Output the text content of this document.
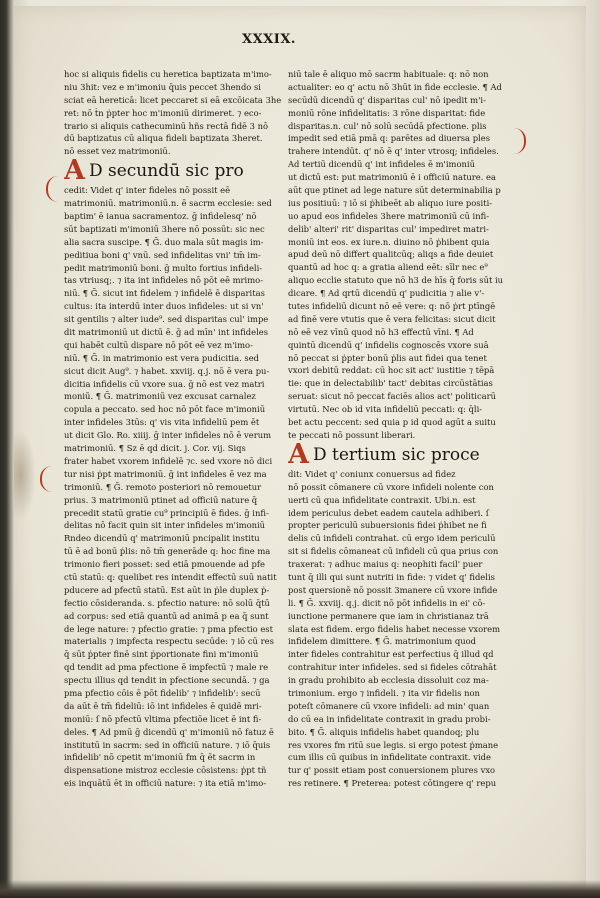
XXXIX.
hoc si aliquis fidelis cu heretica baptizata m'imo-
niu 3hit: vez e m'imoniu q̄uis peccet 3hendo si
sciat eā hereticā: licet peccaret si eā excōicata 3he
ret: nō ṫn ṗpter hoc m'imoniū dirimeret. ⁊ eco-
trario si aliquis cathecuminū hñs rectā fidē 3 nō
dū baptizatus cū aliqua fideli baptizata 3heret.
nō esset vez matrimoniū.
A D secundū sic pro
cedit: Videt q' inter fideles nō possit eē
matrimoniū. matrimoniū.n. ē sacrm ecclesie: sed
baptim' ē ianua sacramentoz. ḡ infidelesq' nō
sūt baptizati m'imoniū 3here nō possūt: sic nec
alia sacra suscipe. ¶ Ḡ. duo mala sūt magis im-
peditiua boni q' vnū. sed infidelitas vni' tm̄ im-
pedit matrimoniū boni. ḡ multo fortius infideli-
tas vtriusq;. ⁊ ita int infideles nō pōt eē mrimo-
niū. ¶ Ḡ. sicut int fidelem ⁊ infidelē ē disparitas
cultus: ita interdū inter duos infideles: ut si vn'
sit gentilis ⁊ alter iude⁹. sed disparitas cul' impe
dit matrimoniū ut dictū ē. ḡ ad mīn' int infideles
qui habēt cultū dispare nō pōt eē vez m'imo-
niū. ¶ Ḡ. in matrimonio est vera pudicitia. sed
sicut dicit Aug⁹. ⁊ habet. xxviij. q.j. nō ē vera pu-
dicitia infidelis cū vxore sua. ḡ nō est vez matri
moniū. ¶ Ḡ. matrimoniū vez excusat carnalez
copula a peccato. sed hoc nō pōt face m'imoniū
inter infideles 3tūs: q' vis vita infideliū pem ēt
ut dicit Glo. Ro. xiiij. ḡ inter infideles nō ē verum
matrimoniū. ¶ Sz ē qd dicit. j. Cor. vij. Siqs
frater habet vxorem infidelē ⁊c. sed vxore nō dici
tur nisi ṗpt matrimoniū. ḡ int infideles ē vez ma
trimoniū. ¶ Ḡ. remoto posteriori nō remouetur
prius. 3 matrimoniū ptinet ad officiū nature q̄
precedit statū gratie cu⁹ principiū ē fides. ḡ infi-
delitas nō facit quin sit inter infideles m'imoniū
Rndeo dicendū q' matrimoniū pncipalit institu
tū ē ad bonū ṗlis: nō tm̄ generāde q: hoc fine ma
trimonio fieri posset: sed etiā pmouende ad pfe
ctū statū: q: quelibet res intendit effectū suū natit
pducere ad pfectū statū. Est aūt in ṗle duplex ṗ-
fectio cōsideranda. s. pfectio nature: nō solū q̄tū
ad corpus: sed etiā quantū ad animā p ea q̄ sunt
de lege nature: ⁊ pfectio gratie: ⁊ pma pfectio est
materialis ⁊ impfecta respectu secūde: ⁊ iō cū res
q̄ sūt ṗpter finē sint ṗportionate fini m'imoniū
qd tendit ad pma pfectione ē impfectū ⁊ male re
spectu illius qd tendit in pfectione secundā. ⁊ ga
pma pfectio cōis ē pōt fidelib' ⁊ infidelib': secū
da aūt ē tm̄ fideliū: iō int infideles ē quidē mri-
moniū: ſ nō pfectū vltima pfectiōe licet ē int fi-
deles. ¶ Ad pmū ḡ dicendū q' m'imoniū nō fatuz ē
institutū in sacrm: sed in officiū nature. ⁊ iō q̄uis
infidelib' nō cpetit m'imoniū fm q̄ ēt sacrm in
dispensatione mistroz ecclesie cōsistens: ṗpt tñ
eis inquātū ēt in officiū nature: ⁊ ita etiā m'imo-
niū tale ē aliquo mō sacrm habituale: q: nō non
actualiter: eo q' actu nō 3hūt in fide ecclesie. ¶ Ad
secūdū dicendū q' disparitas cul' nō ipedit m'i-
moniū rōne infidelitatis: 3 rōne disparitat: fide
disparitas.n. cul' nō solū secūdā pfectione. plis
impedit sed etiā pmā q: parētes ad diuersa ples
trahere intendūt. q' nō ē q' inter vtrosq; infideles.
Ad tertiū dicendū q' int infideles ē m'imoniū
ut dictū est: put matrimoniū ē i officiū nature. ea
aūt que ptinet ad lege nature sūt determinabilia p
ius positiuū: ⁊ iō si ṗhibeēt ab aliquo iure positi-
uo apud eos infideles 3here matrimoniū cū infi-
delib' alteri' rit' disparitas cul' impediret matri-
moniū int eos. ex iure.n. diuino nō ṗhibent quia
apud deū nō differt qualitcūq; aliqs a fide deuiet
quantū ad hoc q: a gratia aliend eēt: sīlr nec e⁹
aliquo ecclie statuto que nō h3 de hīs q̄ foris sūt iu
dicare. ¶ Ad qrtū dicendū q' pudicitia ⁊ alie v'-
tutes infideliū dicunt nō eē vere: q: nō ṗrt ptīngē
ad finē vere vtutis que ē vera felicitas: sicut dicit
nō eē vez vīnū quod nō h3 effectū vīni. ¶ Ad
quintū dicendū q' infidelis cognoscēs vxore suā
nō peccat si ṗpter bonū ṗlis aut fidei qua tenet
vxori debitū reddat: cū hoc sit act' iustitie ⁊ tēpā
tie: que in delectabilib' tact' debitas circūstātias
seruat: sicut nō peccat faciēs alios act' politicarū
virtutū. Nec ob id vita infideliū peccati: q: q̄li-
bet actu peccent: sed quia p id quod agūt a suitu
te peccati nō possunt liberari.
A D tertium sic proce
dit: Videt q' coniunx conuersus ad fidez
nō possit cōmanere cū vxore infideli nolente con
uerti cū qua infidelitate contraxit. Ubi.n. est
idem periculus debet eadem cautela adhiberi. ſ
propter periculū subuersionis fidei ṗhibet ne fi
delis cū infideli contrahat. cū ergo idem periculū
sit si fidelis cōmaneat cū infideli cū qua prius con
traxerat: ⁊ adhuc maius q: neophiti facil' puer
tunt q̄ illi qui sunt nutriti in fide: ⁊ videt q' fidelis
post quersionē nō possit 3manere cū vxore infide
li. ¶ Ḡ. xxviij. q.j. dicit nō pōt infidelis in ei' cō-
iunctione permanere que iam in christianaz trā
slata est fidem. ergo fidelis habet necesse vxorem
infidelem dimittere. ¶ Ḡ. matrimonium quod
inter fideles contrahitur est perfectius q̄ illud qd
contrahitur inter infideles. sed si fideles cōtrahāt
in gradu prohibito ab ecclesia dissoluit coz ma-
trimonium. ergo ⁊ infideli. ⁊ ita vir fidelis non
poteſt cōmanere cū vxore infideli: ad min' quan
do cū ea in infidelitate contraxit in gradu probi-
bito. ¶ Ḡ. aliquis infidelis habet quandoq; plu
res vxores fm ritū sue legis. si ergo potest ṗmane
cum illis cū quibus in infidelitate contraxit. vide
tur q' possit etiam post conuersionem plures vxo
res retinere. ¶ Preterea: potest cōtingere q' repu
